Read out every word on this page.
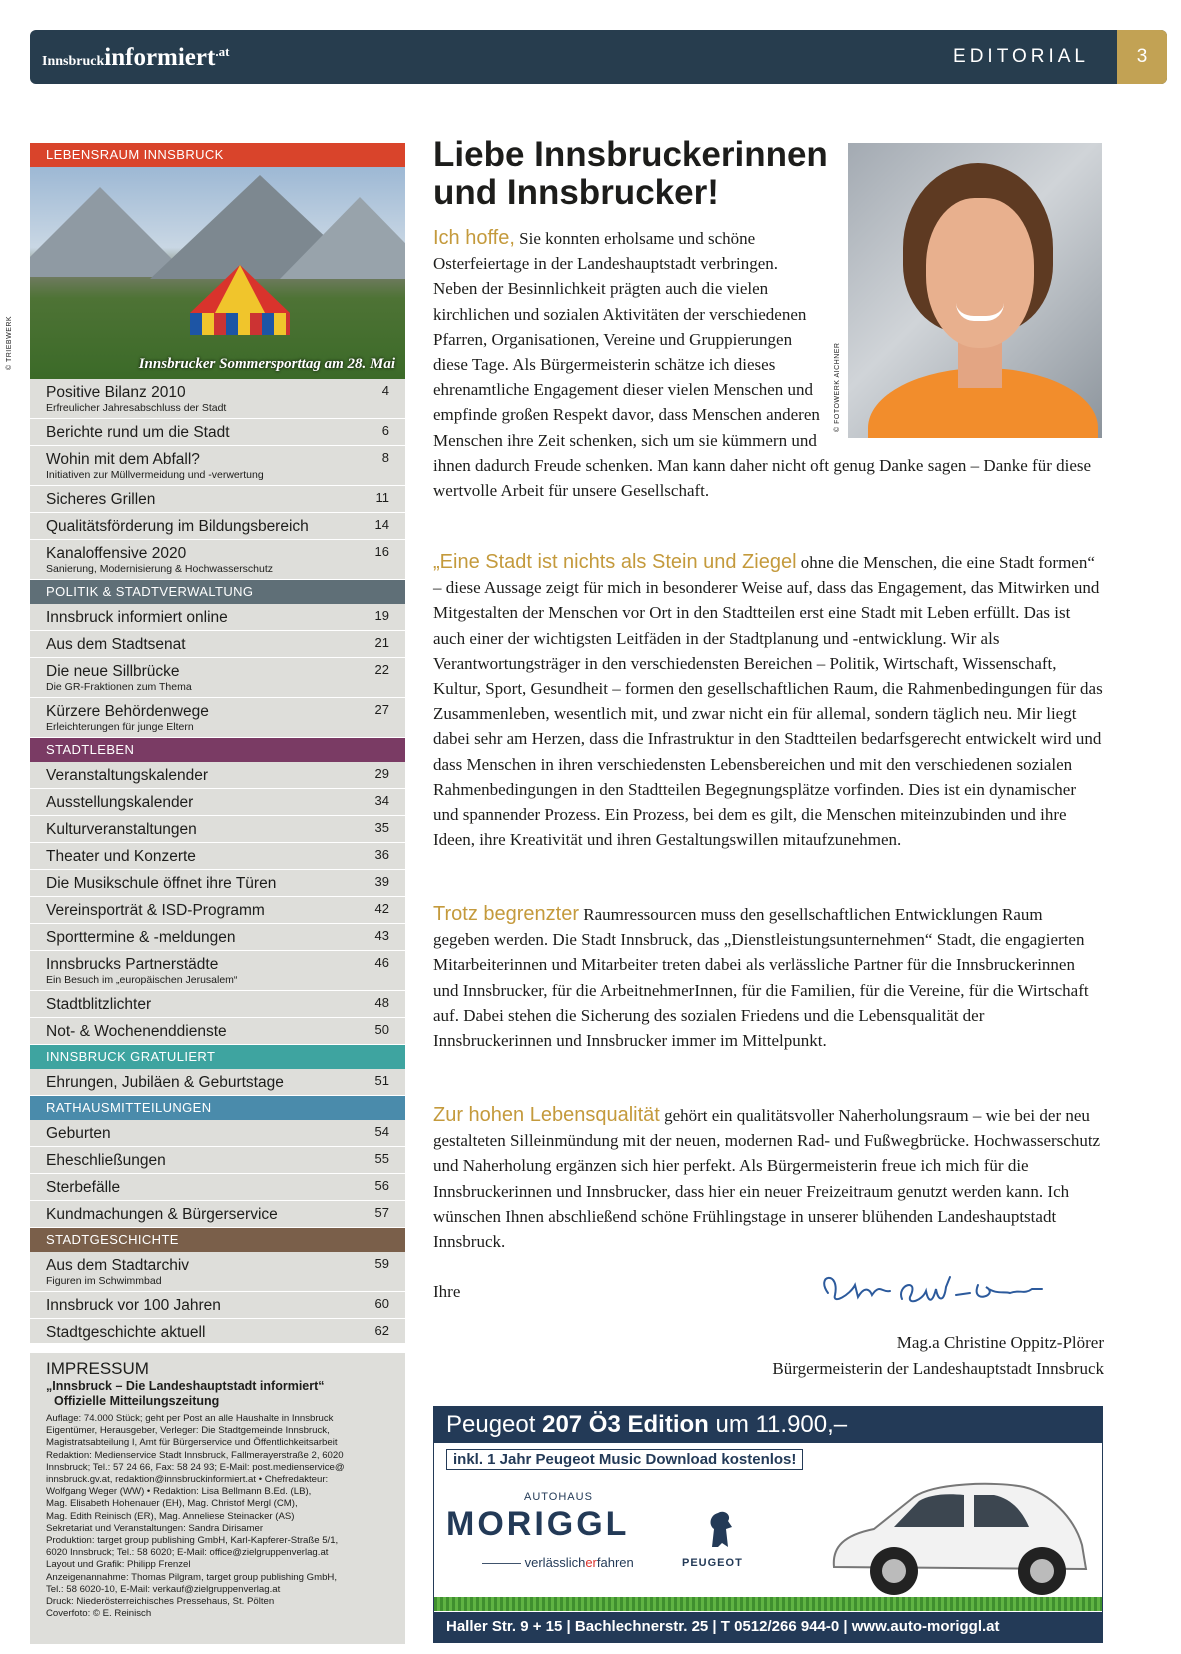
Innsbruckinformiert$^{.at}$	EDITORIAL	3
LEBENSRAUM INNSBRUCK
Innsbrucker Sommersporttag am 28. Mai
Positive Bilanz 2010
Erfreulicher Jahresabschluss der Stadt
4
Berichte rund um die Stadt	6
Wohin mit dem Abfall?
Initiativen zur Müllvermeidung und -verwertung
8
Sicheres Grillen	11
Qualitätsförderung im Bildungsbereich	14
Kanaloffensive 2020
Sanierung, Modernisierung & Hochwasserschutz
16
POLITIK & STADTVERWALTUNG
Innsbruck informiert online	19
Aus dem Stadtsenat	21
Die neue Sillbrücke
Die GR-Fraktionen zum Thema
22
Kürzere Behördenwege
Erleichterungen für junge Eltern
27
STADTLEBEN
Veranstaltungskalender	29
Ausstellungskalender	34
Kulturveranstaltungen	35
Theater und Konzerte	36
Die Musikschule öffnet ihre Türen	39
Vereinsporträt & ISD-Programm	42
Sporttermine & -meldungen	43
Innsbrucks Partnerstädte
Ein Besuch im „europäischen Jerusalem“
46
Stadtblitzlichter	48
Not- & Wochenenddienste	50
INNSBRUCK GRATULIERT
Ehrungen, Jubiläen & Geburtstage	51
RATHAUSMITTEILUNGEN
Geburten	54
Eheschließungen	55
Sterbefälle	56
Kundmachungen & Bürgerservice	57
STADTGESCHICHTE
Aus dem Stadtarchiv
Figuren im Schwimmbad
59
Innsbruck vor 100 Jahren	60
Stadtgeschichte aktuell	62
© TRIEBWERK
IMPRESSUM
„Innsbruck – Die Landeshauptstadt informiert“
Offizielle Mitteilungszeitung
Auflage: 74.000 Stück; geht per Post an alle Haushalte in Innsbruck
Eigentümer, Herausgeber, Verleger: Die Stadtgemeinde Innsbruck,
Magistratsabteilung I, Amt für Bürgerservice und Öffentlichkeitsarbeit
Redaktion: Medienservice Stadt Innsbruck, Fallmerayerstraße 2, 6020
Innsbruck; Tel.: 57 24 66, Fax: 58 24 93; E-Mail: post.medienservice@
innsbruck.gv.at, redaktion@innsbruckinformiert.at • Chefredakteur:
Wolfgang Weger (WW) • Redaktion: Lisa Bellmann B.Ed. (LB),
Mag. Elisabeth Hohenauer (EH), Mag. Christof Mergl (CM),
Mag. Edith Reinisch (ER), Mag. Anneliese Steinacker (AS)
Sekretariat und Veranstaltungen: Sandra Dirisamer
Produktion: target group publishing GmbH, Karl-Kapferer-Straße 5/1,
6020 Innsbruck; Tel.: 58 6020; E-Mail: office@zielgruppenverlag.at
Layout und Grafik: Philipp Frenzel
Anzeigenannahme: Thomas Pilgram, target group publishing GmbH,
Tel.: 58 6020-10, E-Mail: verkauf@zielgruppenverlag.at
Druck: Niederösterreichisches Pressehaus, St. Pölten
Coverfoto: © E. Reinisch
Liebe Innsbruckerinnen
und Innsbrucker!
© FOTOWERK AICHNER

Ich hoffe, Sie konnten erholsame und schöne Osterfeiertage in der Landeshauptstadt verbringen. Neben der Besinnlichkeit prägten auch die vielen kirchlichen und sozialen Aktivitäten der verschiedenen Pfarren, Organisationen, Vereine und Gruppierungen diese Tage. Als Bürgermeisterin schätze ich dieses ehrenamtliche Engagement dieser vielen Menschen und empfinde großen Respekt davor, dass Menschen anderen Menschen ihre Zeit schenken, sich um sie kümmern und ihnen dadurch Freude schenken. Man kann daher nicht oft genug Danke sagen – Danke für diese wertvolle Arbeit für unsere Gesellschaft.

„Eine Stadt ist nichts als Stein und Ziegel ohne die Menschen, die eine Stadt formen“ – diese Aussage zeigt für mich in besonderer Weise auf, dass das Engagement, das Mitwirken und Mitgestalten der Menschen vor Ort in den Stadtteilen erst eine Stadt mit Leben erfüllt. Das ist auch einer der wichtigsten Leitfäden in der Stadtplanung und -entwicklung. Wir als Verantwortungsträger in den verschiedensten Bereichen – Politik, Wirtschaft, Wissenschaft, Kultur, Sport, Gesundheit – formen den gesellschaftlichen Raum, die Rahmenbedingungen für das Zusammenleben, wesentlich mit, und zwar nicht ein für allemal, sondern täglich neu. Mir liegt dabei sehr am Herzen, dass die Infrastruktur in den Stadtteilen bedarfsgerecht entwickelt wird und dass Menschen in ihren verschiedensten Lebensbereichen und mit den verschiedenen sozialen Rahmenbedingungen in den Stadtteilen Begegnungsplätze vorfinden. Dies ist ein dynamischer und spannender Prozess. Ein Prozess, bei dem es gilt, die Menschen miteinzubinden und ihre Ideen, ihre Kreativität und ihren Gestaltungswillen mitaufzunehmen.

Trotz begrenzter Raumressourcen muss den gesellschaftlichen Entwicklungen Raum gegeben werden. Die Stadt Innsbruck, das „Dienstleistungsunternehmen“ Stadt, die engagierten Mitarbeiterinnen und Mitarbeiter treten dabei als verlässliche Partner für die Innsbruckerinnen und Innsbrucker, für die ArbeitnehmerInnen, für die Familien, für die Vereine, für die Wirtschaft auf. Dabei stehen die Sicherung des sozialen Friedens und die Lebensqualität der Innsbruckerinnen und Innsbrucker immer im Mittelpunkt.

Zur hohen Lebensqualität gehört ein qualitätsvoller Naherholungsraum – wie bei der neu gestalteten Silleinmündung mit der neuen, modernen Rad- und Fußwegbrücke. Hochwasserschutz und Naherholung ergänzen sich hier perfekt. Als Bürgermeisterin freue ich mich für die Innsbruckerinnen und Innsbrucker, dass hier ein neuer Freizeitraum genutzt werden kann. Ich wünschen Ihnen abschließend schöne Frühlingstage in unserer blühenden Landeshauptstadt Innsbruck.

Ihre
Mag.a Christine Oppitz-Plörer
Bürgermeisterin der Landeshauptstadt Innsbruck
Peugeot 207 Ö3 Edition um 11.900,–
inkl. 1 Jahr Peugeot Music Download kostenlos!
AUTOHAUS
MORIGGL
——— verlässlicherfahren	PEUGEOT
Haller Str. 9 + 15 | Bachlechnerstr. 25 | T 0512/266 944-0 | www.auto-moriggl.at
